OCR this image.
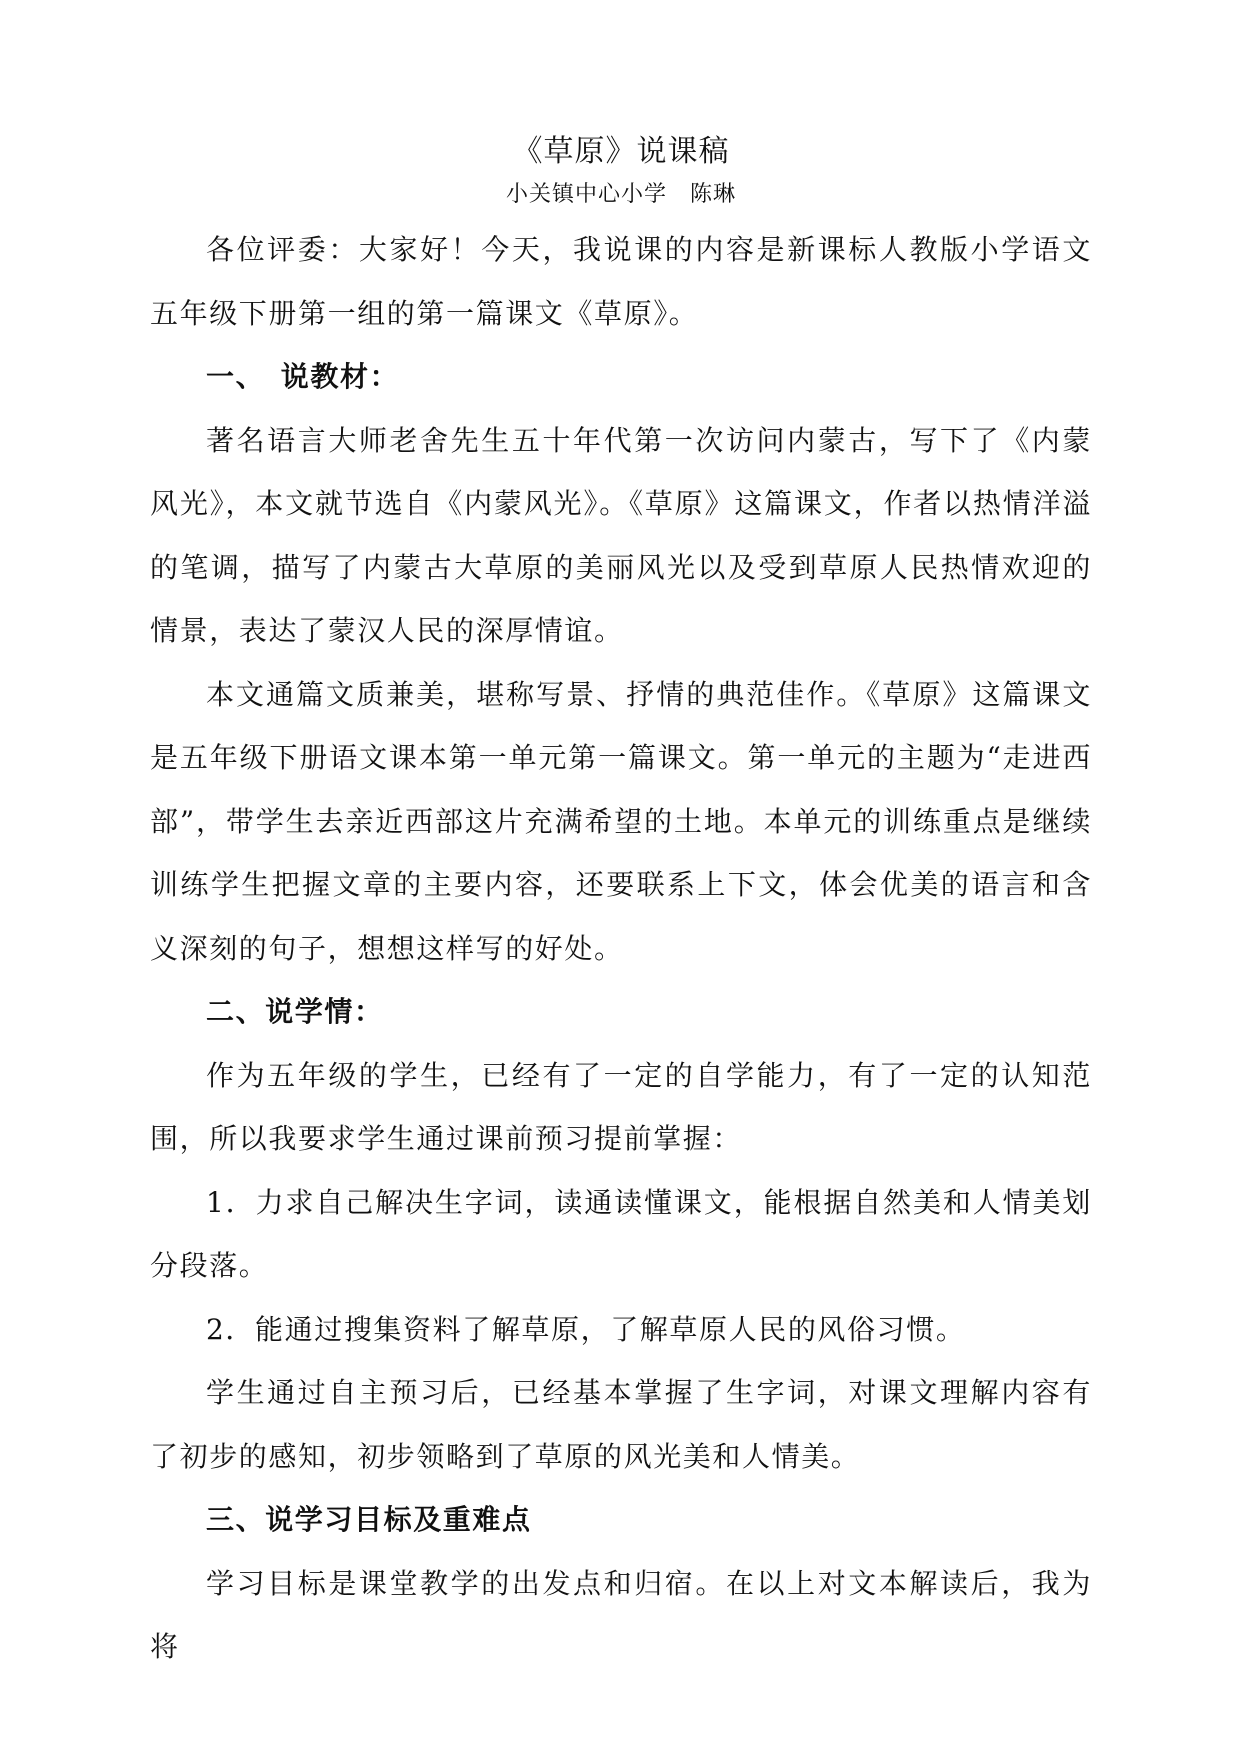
《草原》说课稿

小关镇中心小学　陈琳

各位评委：大家好！今天，我说课的内容是新课标人教版小学语文五年级下册第一组的第一篇课文《草原》。

一、　说教材：

著名语言大师老舍先生五十年代第一次访问内蒙古，写下了《内蒙风光》，本文就节选自《内蒙风光》。《草原》这篇课文，作者以热情洋溢的笔调，描写了内蒙古大草原的美丽风光以及受到草原人民热情欢迎的情景，表达了蒙汉人民的深厚情谊。

本文通篇文质兼美，堪称写景、抒情的典范佳作。《草原》这篇课文是五年级下册语文课本第一单元第一篇课文。第一单元的主题为“走进西部”，带学生去亲近西部这片充满希望的土地。本单元的训练重点是继续训练学生把握文章的主要内容，还要联系上下文，体会优美的语言和含义深刻的句子，想想这样写的好处。

二、说学情：

作为五年级的学生，已经有了一定的自学能力，有了一定的认知范围，所以我要求学生通过课前预习提前掌握：

1．力求自己解决生字词，读通读懂课文，能根据自然美和人情美划分段落。

2．能通过搜集资料了解草原，了解草原人民的风俗习惯。

学生通过自主预习后，已经基本掌握了生字词，对课文理解内容有了初步的感知，初步领略到了草原的风光美和人情美。

三、说学习目标及重难点

学习目标是课堂教学的出发点和归宿。在以上对文本解读后，我为将
